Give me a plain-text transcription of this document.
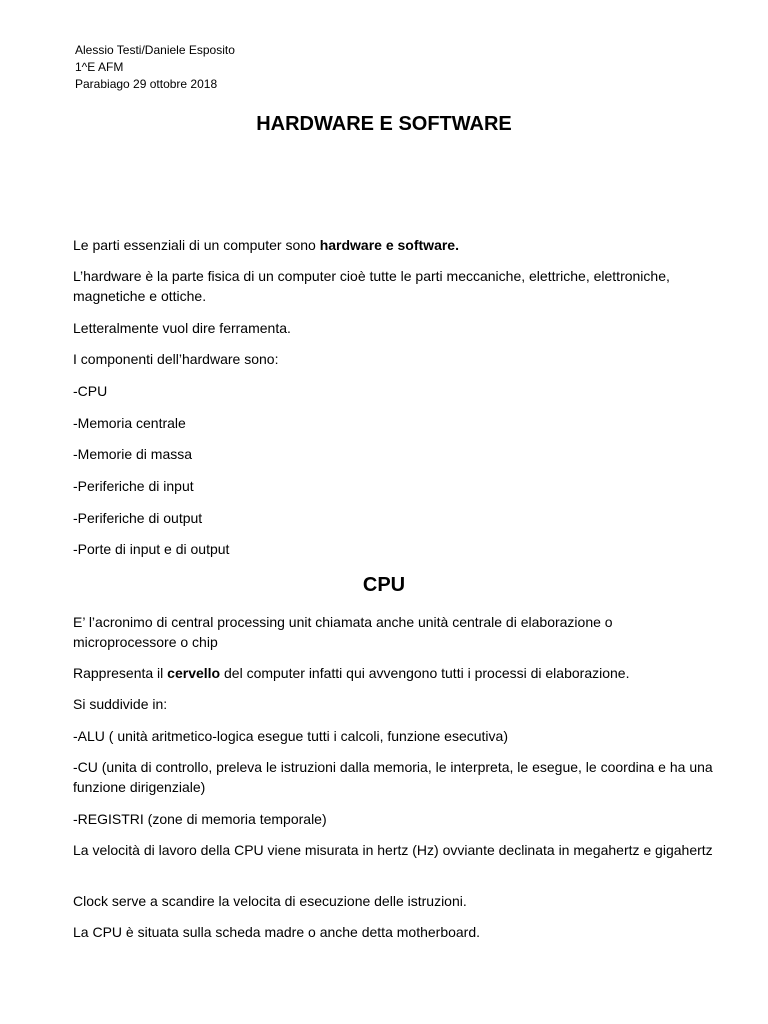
Alessio Testi/Daniele Esposito
1^E AFM
Parabiago 29 ottobre 2018
HARDWARE E SOFTWARE
Le parti essenziali di un computer sono hardware e software.
L’hardware è la parte fisica di un computer cioè tutte le parti meccaniche, elettriche, elettroniche, magnetiche e ottiche.
Letteralmente vuol dire ferramenta.
I componenti dell’hardware sono:
-CPU
-Memoria centrale
-Memorie di massa
-Periferiche di input
-Periferiche di output
-Porte di input e di output
CPU
E’ l’acronimo di central processing unit chiamata anche unità centrale di elaborazione o microprocessore o chip
Rappresenta il cervello del computer infatti qui avvengono tutti i processi di elaborazione.
Si suddivide in:
-ALU ( unità aritmetico-logica esegue tutti i calcoli, funzione esecutiva)
-CU (unita di controllo, preleva le istruzioni dalla memoria, le interpreta, le esegue, le coordina e ha una funzione dirigenziale)
-REGISTRI (zone di memoria temporale)
La velocità di lavoro della CPU viene misurata in hertz (Hz) ovviante declinata in megahertz e gigahertz
Clock serve a scandire la velocita di esecuzione delle istruzioni.
La CPU è situata sulla scheda madre o anche detta motherboard.
